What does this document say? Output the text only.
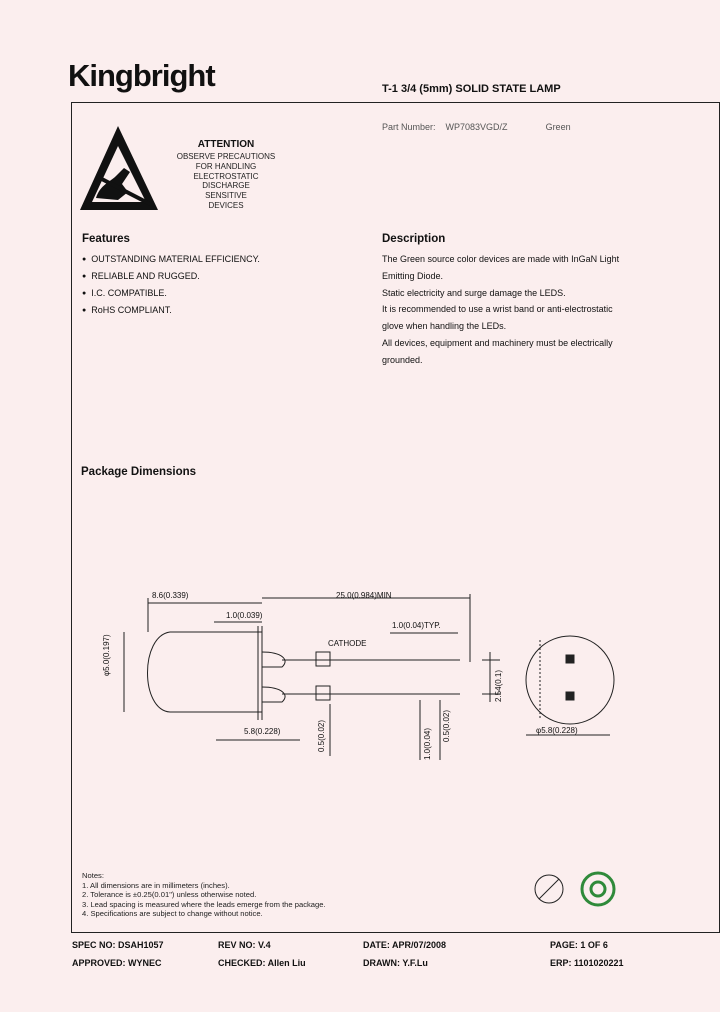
Kingbright	T-1 3/4 (5mm) SOLID STATE LAMP
Part Number: WP7083VGD/Z	Green
ATTENTION
OBSERVE PRECAUTIONS
FOR HANDLING
ELECTROSTATIC
DISCHARGE
SENSITIVE
DEVICES
Features
● OUTSTANDING MATERIAL EFFICIENCY.
● RELIABLE AND RUGGED.
● I.C. COMPATIBLE.
● RoHS COMPLIANT.
Description
The Green source color devices are made with InGaN Light
Emitting Diode.
Static electricity and surge damage the LEDS.
It is recommended to use a wrist band or anti-electrostatic
glove when handling the LEDs.
All devices, equipment and machinery must be electrically
grounded.
Package Dimensions
8.6(0.339)	25.0(0.984)MIN
1.0(0.039)
1.0(0.04)TYP.
CATHODE
φ5.0(0.197)
5.8(0.228)	0.5(0.02)	1.0(0.04)
0.5(0.02)
2.54(0.1)
φ5.8(0.228)
Notes:
1. All dimensions are in millimeters (inches).
2. Tolerance is ±0.25(0.01") unless otherwise noted.
3. Lead spacing is measured where the leads emerge from the package.
4. Specifications are subject to change without notice.
SPEC NO: DSAH1057	REV NO: V.4	DATE: APR/07/2008	PAGE: 1 OF 6
APPROVED: WYNEC	CHECKED: Allen Liu	DRAWN: Y.F.Lu	ERP: 1101020221
